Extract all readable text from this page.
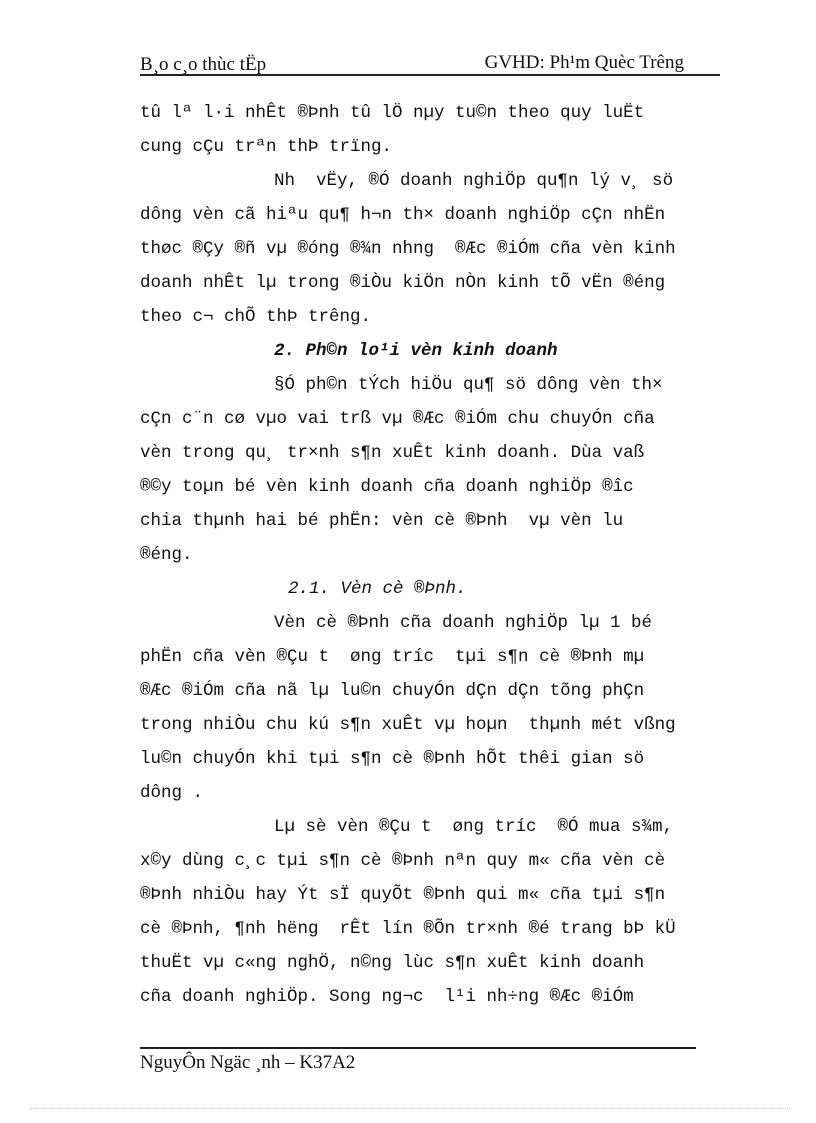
B¸o c¸o thùc tËp	GVHD: Ph¹m Quèc Trêng
tû lª l·i nhÊt ®Þnh tû lÖ nµy tu©n theo quy luËt
cung cÇu trªn thÞ trïng.
Nh  vËy, ®Ó doanh nghiÖp qu¶n lý v¸ sö
dông vèn cã hiªu qu¶ h¬n th× doanh nghiÖp cÇn nhËn
thøc ®Çy ®ñ vµ ®óng ®¾n nhng  ®Æc ®iÓm cña vèn kinh
doanh nhÊt lµ trong ®iÒu kiÖn nÒn kinh tÕ vËn ®éng
theo c¬ chÕ thÞ trêng.
2. Ph©n lo¹i vèn kinh doanh
§Ó ph©n tÝch hiÖu qu¶ sö dông vèn th×
cÇn c¨n cø vµo vai trß vµ ®Æc ®iÓm chu chuyÓn cña
vèn trong qu¸ tr×nh s¶n xuÊt kinh doanh. Dùa vaß
®©y toµn bé vèn kinh doanh cña doanh nghiÖp ®îc
chia thµnh hai bé phËn: vèn cè ®Þnh  vµ vèn lu
®éng.
2.1. Vèn cè ®Þnh.
Vèn cè ®Þnh cña doanh nghiÖp lµ 1 bé
phËn cña vèn ®Çu t  øng tríc  tµi s¶n cè ®Þnh mµ
®Æc ®iÓm cña nã lµ lu©n chuyÓn dÇn dÇn tõng phÇn
trong nhiÒu chu kú s¶n xuÊt vµ hoµn  thµnh mét vßng
lu©n chuyÓn khi tµi s¶n cè ®Þnh hÕt thêi gian sö
dông .
Lµ sè vèn ®Çu t  øng tríc  ®Ó mua s¾m,
x©y dùng c¸c tµi s¶n cè ®Þnh nªn quy m« cña vèn cè
®Þnh nhiÒu hay Ýt sÏ quyÕt ®Þnh qui m« cña tµi s¶n
cè ®Þnh, ¶nh hëng  rÊt lín ®Õn tr×nh ®é trang bÞ kÜ
thuËt vµ c«ng nghÖ, n©ng lùc s¶n xuÊt kinh doanh
cña doanh nghiÖp. Song ng¬c  l¹i nh÷ng ®Æc ®iÓm
NguyÔn Ngäc ¸nh – K37A2
